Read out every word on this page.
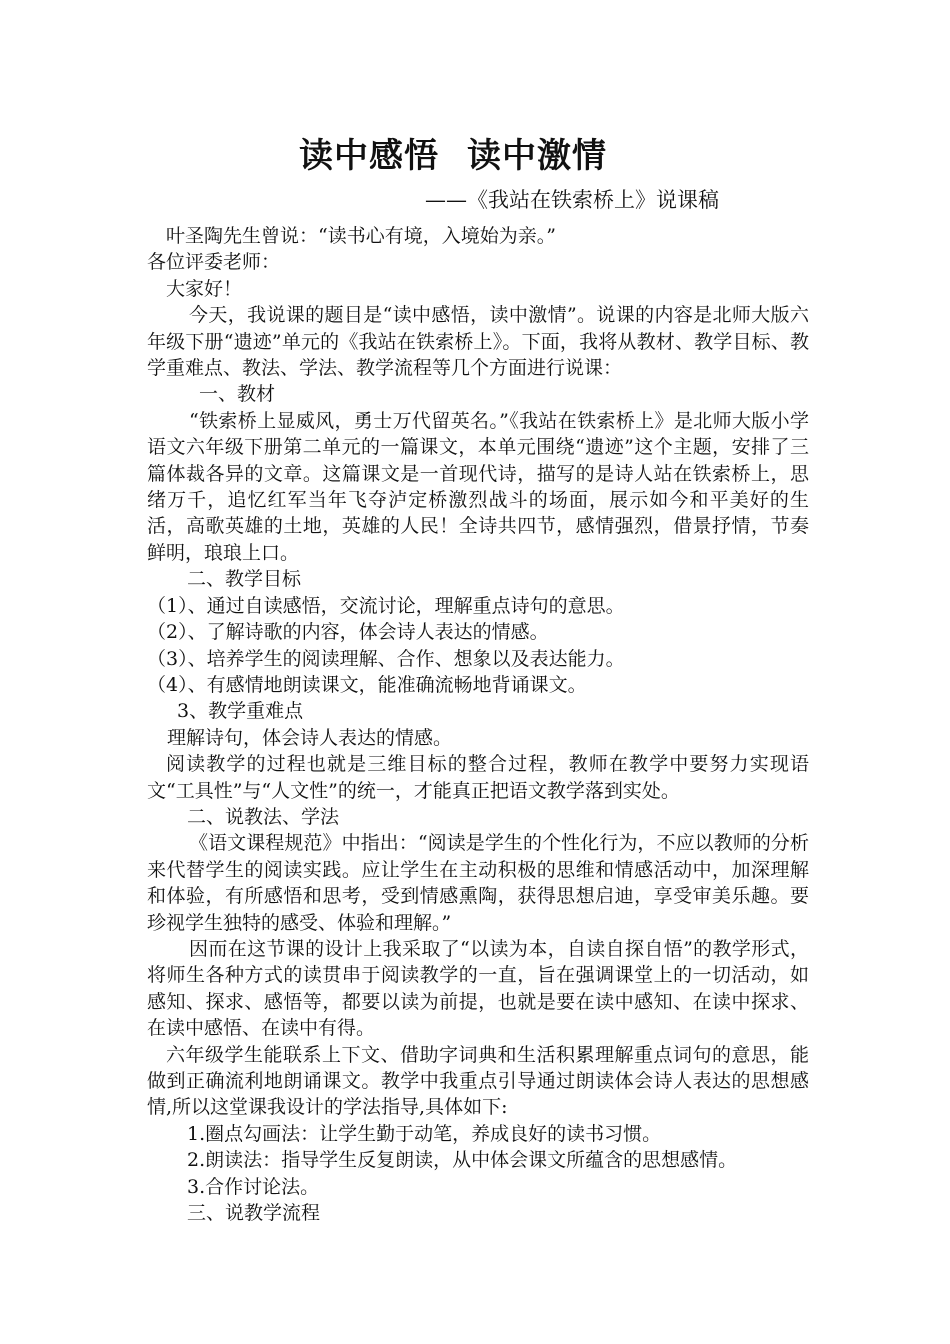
读中感悟 读中激情
——《我站在铁索桥上》说课稿

叶圣陶先生曾说：“读书心有境，入境始为亲。”

各位评委老师：

大家好！

今天，我说课的题目是“读中感悟，读中激情”。说课的内容是北师大版六年级下册“遗迹”单元的《我站在铁索桥上》。下面，我将从教材、教学目标、教学重难点、教法、学法、教学流程等几个方面进行说课：

一、教材

“铁索桥上显威风，勇士万代留英名。”《我站在铁索桥上》是北师大版小学语文六年级下册第二单元的一篇课文，本单元围绕“遗迹”这个主题，安排了三篇体裁各异的文章。这篇课文是一首现代诗，描写的是诗人站在铁索桥上，思绪万千，追忆红军当年飞夺泸定桥激烈战斗的场面，展示如今和平美好的生活，高歌英雄的土地，英雄的人民！全诗共四节，感情强烈，借景抒情，节奏鲜明，琅琅上口。

二、教学目标

（1）、通过自读感悟，交流讨论，理解重点诗句的意思。

（2）、了解诗歌的内容，体会诗人表达的情感。

（3）、培养学生的阅读理解、合作、想象以及表达能力。

（4）、有感情地朗读课文，能准确流畅地背诵课文。

3、教学重难点

理解诗句，体会诗人表达的情感。

阅读教学的过程也就是三维目标的整合过程，教师在教学中要努力实现语文“工具性”与“人文性”的统一，才能真正把语文教学落到实处。

二、说教法、学法

《语文课程规范》中指出：“阅读是学生的个性化行为，不应以教师的分析来代替学生的阅读实践。应让学生在主动积极的思维和情感活动中，加深理解和体验，有所感悟和思考，受到情感熏陶，获得思想启迪，享受审美乐趣。要珍视学生独特的感受、体验和理解。”

因而在这节课的设计上我采取了“以读为本，自读自探自悟”的教学形式，将师生各种方式的读贯串于阅读教学的一直，旨在强调课堂上的一切活动，如感知、探求、感悟等，都要以读为前提，也就是要在读中感知、在读中探求、在读中感悟、在读中有得。

六年级学生能联系上下文、借助字词典和生活积累理解重点词句的意思，能做到正确流利地朗诵课文。教学中我重点引导通过朗读体会诗人表达的思想感情,所以这堂课我设计的学法指导,具体如下:

1.圈点勾画法：让学生勤于动笔，养成良好的读书习惯。

2.朗读法：指导学生反复朗读，从中体会课文所蕴含的思想感情。

3.合作讨论法。

三、说教学流程
